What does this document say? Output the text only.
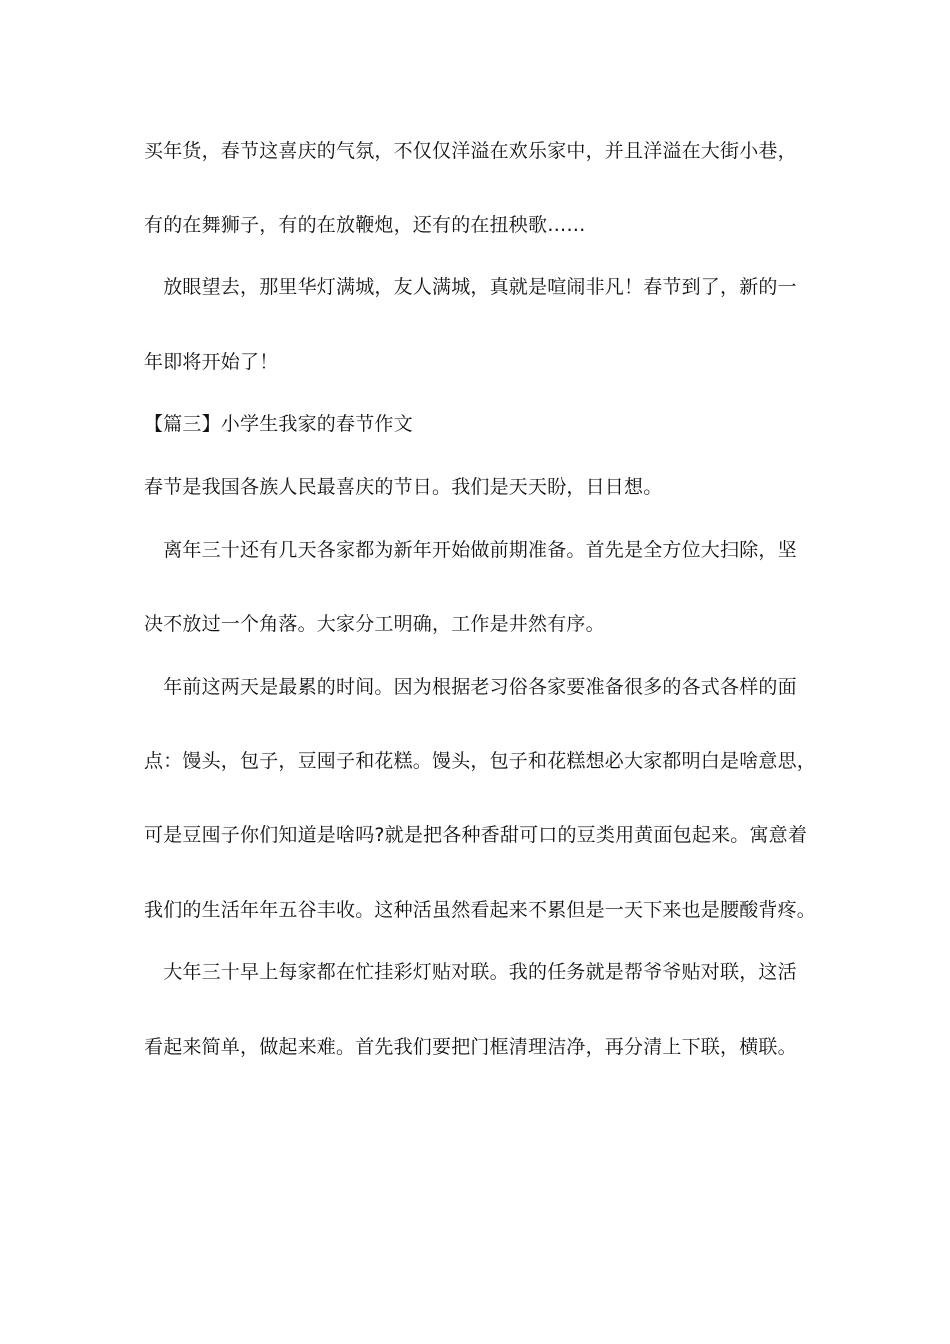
买年货，春节这喜庆的气氛，不仅仅洋溢在欢乐家中，并且洋溢在大街小巷，
有的在舞狮子，有的在放鞭炮，还有的在扭秧歌……
　放眼望去，那里华灯满城，友人满城，真就是喧闹非凡！春节到了，新的一
年即将开始了！
【篇三】小学生我家的春节作文
春节是我国各族人民最喜庆的节日。我们是天天盼，日日想。
　离年三十还有几天各家都为新年开始做前期准备。首先是全方位大扫除，坚
决不放过一个角落。大家分工明确，工作是井然有序。
　年前这两天是最累的时间。因为根据老习俗各家要准备很多的各式各样的面
点：馒头，包子，豆囤子和花糕。馒头，包子和花糕想必大家都明白是啥意思，
可是豆囤子你们知道是啥吗?就是把各种香甜可口的豆类用黄面包起来。寓意着
我们的生活年年五谷丰收。这种活虽然看起来不累但是一天下来也是腰酸背疼。
　大年三十早上每家都在忙挂彩灯贴对联。我的任务就是帮爷爷贴对联，这活
看起来简单，做起来难。首先我们要把门框清理洁净，再分清上下联，横联。
